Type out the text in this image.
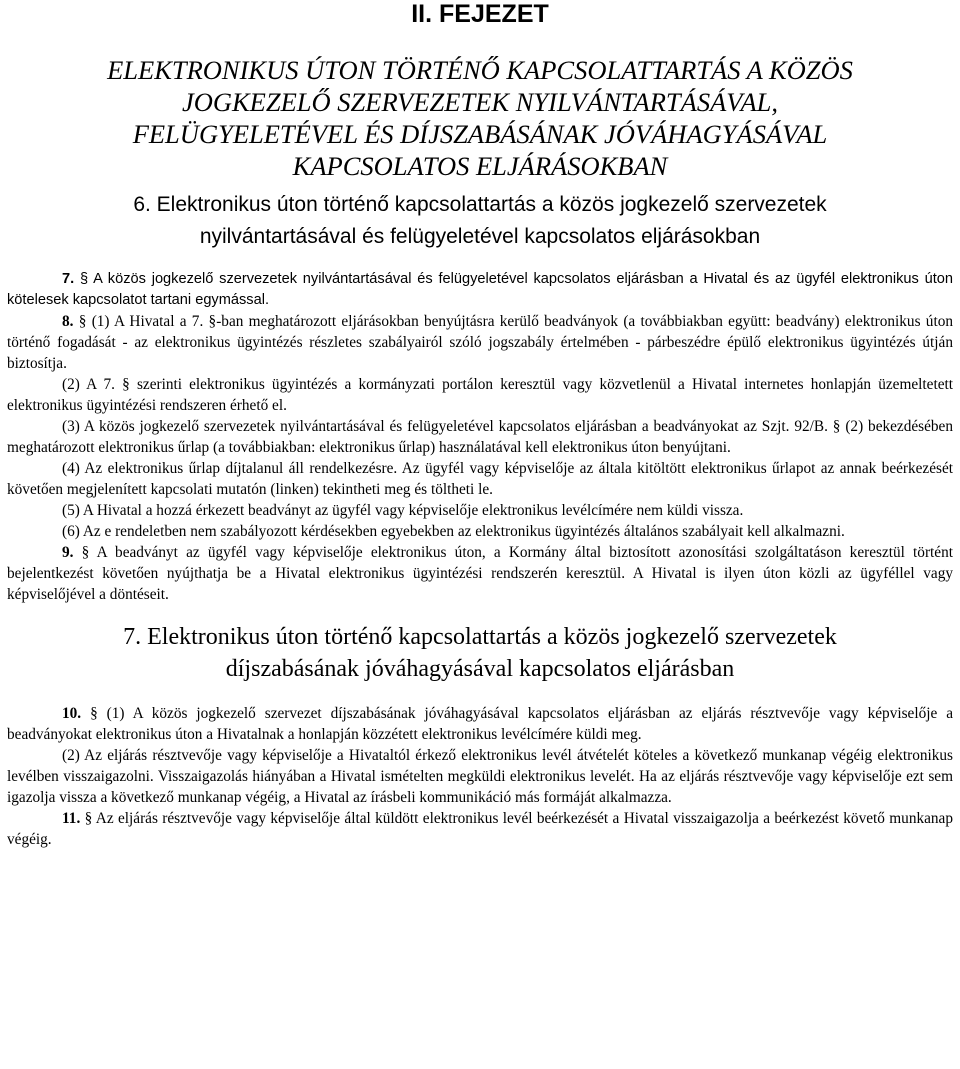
II. FEJEZET
ELEKTRONIKUS ÚTON TÖRTÉNŐ KAPCSOLATTARTÁS A KÖZÖS
JOGKEZELŐ SZERVEZETEK NYILVÁNTARTÁSÁVAL,
FELÜGYELETÉVEL ÉS DÍJSZABÁSÁNAK JÓVÁHAGYÁSÁVAL
KAPCSOLATOS ELJÁRÁSOKBAN
6. Elektronikus úton történő kapcsolattartás a közös jogkezelő szervezetek
nyilvántartásával és felügyeletével kapcsolatos eljárásokban

7. § A közös jogkezelő szervezetek nyilvántartásával és felügyeletével kapcsolatos eljárásban a Hivatal és az ügyfél elektronikus úton kötelesek kapcsolatot tartani egymással.

8. § (1) A Hivatal a 7. §-ban meghatározott eljárásokban benyújtásra kerülő beadványok (a továbbiakban együtt: beadvány) elektronikus úton történő fogadását - az elektronikus ügyintézés részletes szabályairól szóló jogszabály értelmében - párbeszédre épülő elektronikus ügyintézés útján biztosítja.

(2) A 7. § szerinti elektronikus ügyintézés a kormányzati portálon keresztül vagy közvetlenül a Hivatal internetes honlapján üzemeltetett elektronikus ügyintézési rendszeren érhető el.

(3) A közös jogkezelő szervezetek nyilvántartásával és felügyeletével kapcsolatos eljárásban a beadványokat az Szjt. 92/B. § (2) bekezdésében meghatározott elektronikus űrlap (a továbbiakban: elektronikus űrlap) használatával kell elektronikus úton benyújtani.

(4) Az elektronikus űrlap díjtalanul áll rendelkezésre. Az ügyfél vagy képviselője az általa kitöltött elektronikus űrlapot az annak beérkezését követően megjelenített kapcsolati mutatón (linken) tekintheti meg és töltheti le.

(5) A Hivatal a hozzá érkezett beadványt az ügyfél vagy képviselője elektronikus levélcímére nem küldi vissza.

(6) Az e rendeletben nem szabályozott kérdésekben egyebekben az elektronikus ügyintézés általános szabályait kell alkalmazni.

9. § A beadványt az ügyfél vagy képviselője elektronikus úton, a Kormány által biztosított azonosítási szolgáltatáson keresztül történt bejelentkezést követően nyújthatja be a Hivatal elektronikus ügyintézési rendszerén keresztül. A Hivatal is ilyen úton közli az ügyféllel vagy képviselőjével a döntéseit.

7. Elektronikus úton történő kapcsolattartás a közös jogkezelő szervezetek
díjszabásának jóváhagyásával kapcsolatos eljárásban

10. § (1) A közös jogkezelő szervezet díjszabásának jóváhagyásával kapcsolatos eljárásban az eljárás résztvevője vagy képviselője a beadványokat elektronikus úton a Hivatalnak a honlapján közzétett elektronikus levélcímére küldi meg.

(2) Az eljárás résztvevője vagy képviselője a Hivataltól érkező elektronikus levél átvételét köteles a következő munkanap végéig elektronikus levélben visszaigazolni. Visszaigazolás hiányában a Hivatal ismételten megküldi elektronikus levelét. Ha az eljárás résztvevője vagy képviselője ezt sem igazolja vissza a következő munkanap végéig, a Hivatal az írásbeli kommunikáció más formáját alkalmazza.

11. § Az eljárás résztvevője vagy képviselője által küldött elektronikus levél beérkezését a Hivatal visszaigazolja a beérkezést követő munkanap végéig.
